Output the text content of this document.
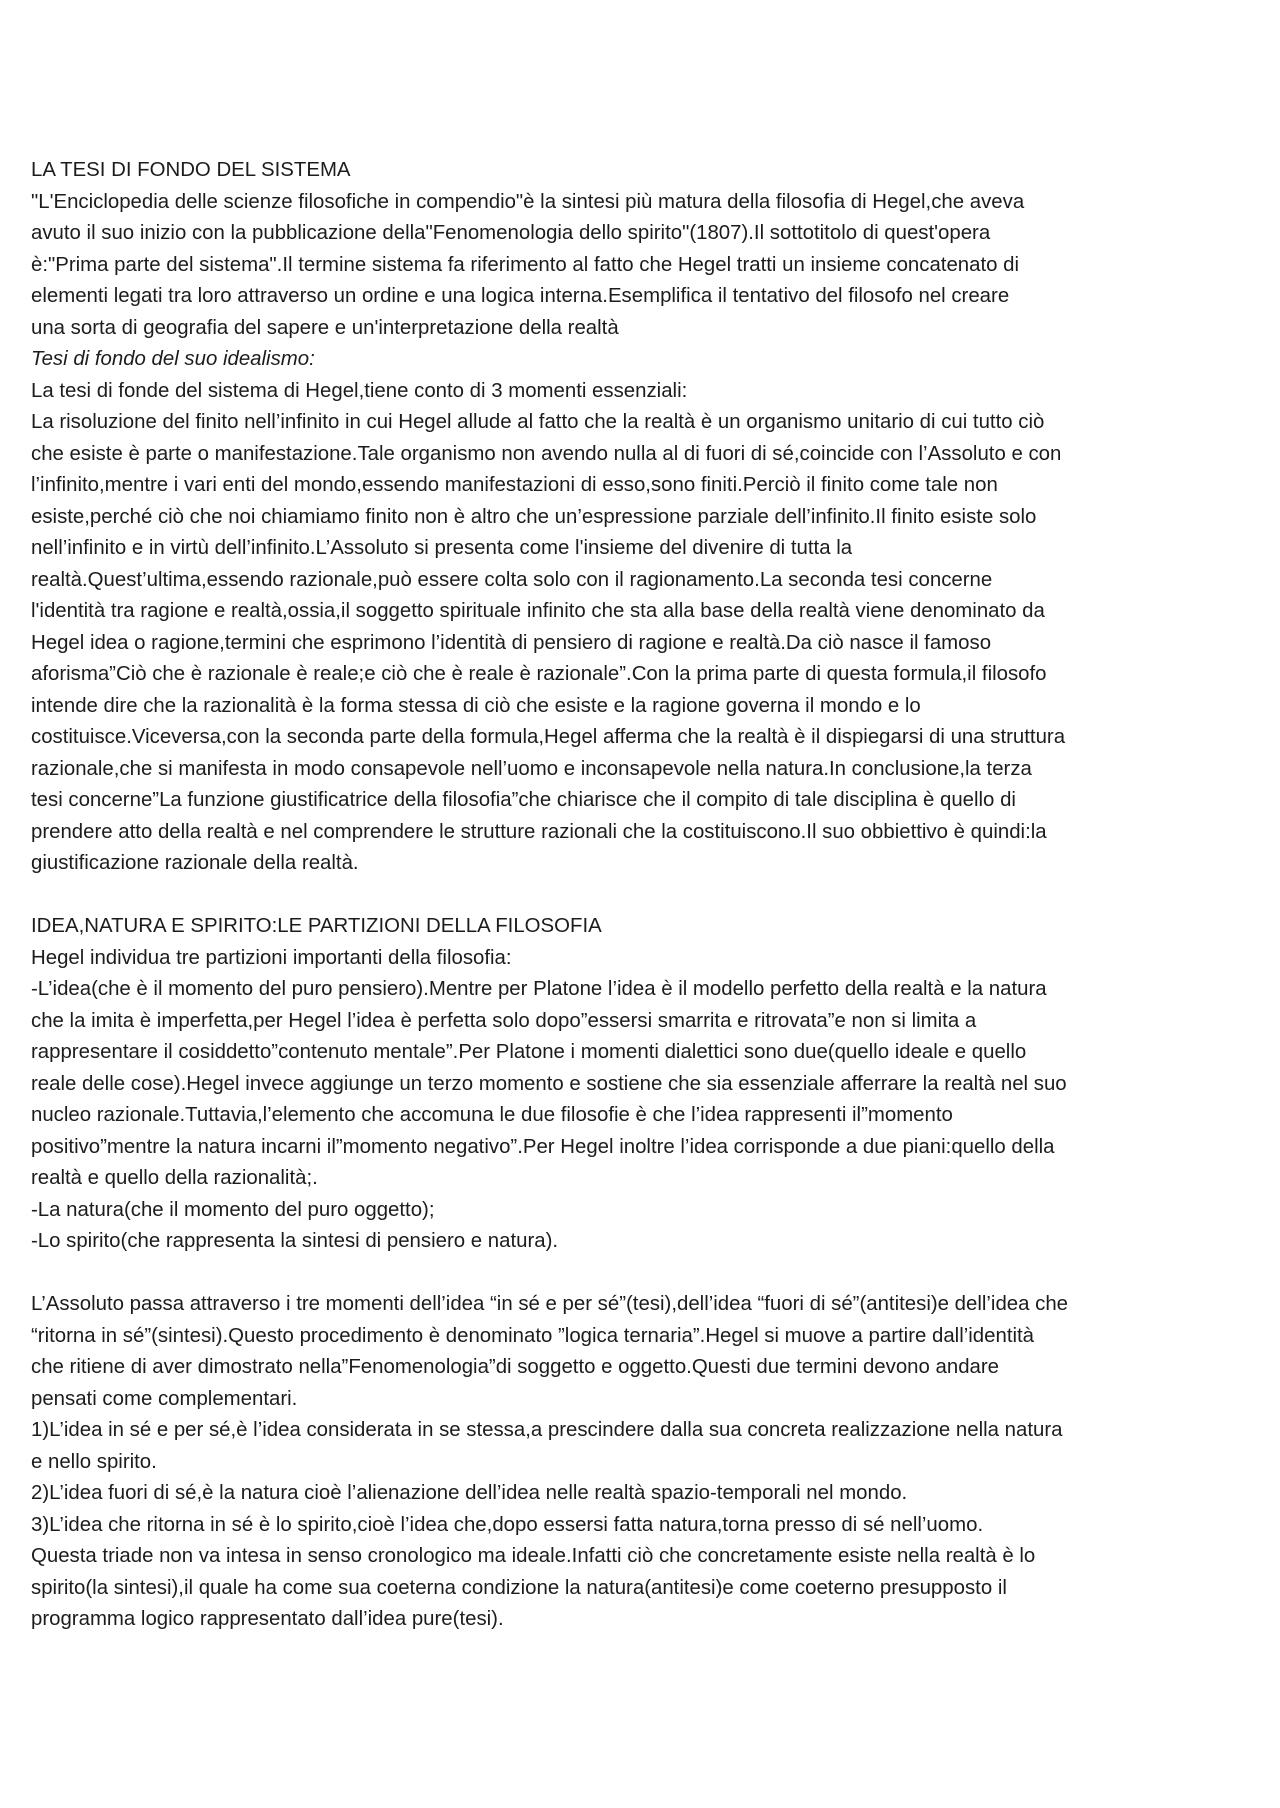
LA TESI DI FONDO DEL SISTEMA
"L'Enciclopedia delle scienze filosofiche in compendio"è la sintesi più matura della filosofia di Hegel,che aveva
avuto il suo inizio con la pubblicazione della"Fenomenologia dello spirito"(1807).Il sottotitolo di quest'opera
è:"Prima parte del sistema".Il termine sistema fa riferimento al fatto che Hegel tratti un insieme concatenato di
elementi legati tra loro attraverso un ordine e una logica interna.Esemplifica il tentativo del filosofo nel creare
una sorta di geografia del sapere e un'interpretazione della realtà
Tesi di fondo del suo idealismo:
La tesi di fonde del sistema di Hegel,tiene conto di 3 momenti essenziali:
La risoluzione del finito nell’infinito in cui Hegel allude al fatto che la realtà è un organismo unitario di cui tutto ciò
che esiste è parte o manifestazione.Tale organismo non avendo nulla al di fuori di sé,coincide con l’Assoluto e con
l’infinito,mentre i vari enti del mondo,essendo manifestazioni di esso,sono finiti.Perciò il finito come tale non
esiste,perché ciò che noi chiamiamo finito non è altro che un’espressione parziale dell’infinito.Il finito esiste solo
nell’infinito e in virtù dell’infinito.L’Assoluto si presenta come l'insieme del divenire di tutta la
realtà.Quest’ultima,essendo razionale,può essere colta solo con il ragionamento.La seconda tesi concerne
l'identità tra ragione e realtà,ossia,il soggetto spirituale infinito che sta alla base della realtà viene denominato da
Hegel idea o ragione,termini che esprimono l’identità di pensiero di ragione e realtà.Da ciò nasce il famoso
aforisma”Ciò che è razionale è reale;e ciò che è reale è razionale”.Con la prima parte di questa formula,il filosofo
intende dire che la razionalità è la forma stessa di ciò che esiste e la ragione governa il mondo e lo
costituisce.Viceversa,con la seconda parte della formula,Hegel afferma che la realtà è il dispiegarsi di una struttura
razionale,che si manifesta in modo consapevole nell’uomo e inconsapevole nella natura.In conclusione,la terza
tesi concerne”La funzione giustificatrice della filosofia”che chiarisce che il compito di tale disciplina è quello di
prendere atto della realtà e nel comprendere le strutture razionali che la costituiscono.Il suo obbiettivo è quindi:la
giustificazione razionale della realtà.
IDEA,NATURA E SPIRITO:LE PARTIZIONI DELLA FILOSOFIA
Hegel individua tre partizioni importanti della filosofia:
-L’idea(che è il momento del puro pensiero).Mentre per Platone l’idea è il modello perfetto della realtà e la natura
che la imita è imperfetta,per Hegel l’idea è perfetta solo dopo”essersi smarrita e ritrovata”e non si limita a
rappresentare il cosiddetto”contenuto mentale”.Per Platone i momenti dialettici sono due(quello ideale e quello
reale delle cose).Hegel invece aggiunge un terzo momento e sostiene che sia essenziale afferrare la realtà nel suo
nucleo razionale.Tuttavia,l’elemento che accomuna le due filosofie è che l’idea rappresenti il”momento
positivo”mentre la natura incarni il”momento negativo”.Per Hegel inoltre l’idea corrisponde a due piani:quello della
realtà e quello della razionalità;.
-La natura(che il momento del puro oggetto);
-Lo spirito(che rappresenta la sintesi di pensiero e natura).
L’Assoluto passa attraverso i tre momenti dell’idea “in sé e per sé”(tesi),dell’idea “fuori di sé”(antitesi)e dell’idea che
“ritorna in sé”(sintesi).Questo procedimento è denominato ”logica ternaria”.Hegel si muove a partire dall’identità
che ritiene di aver dimostrato nella”Fenomenologia”di soggetto e oggetto.Questi due termini devono andare
pensati come complementari.
1)L’idea in sé e per sé,è l’idea considerata in se stessa,a prescindere dalla sua concreta realizzazione nella natura
e nello spirito.
2)L’idea fuori di sé,è la natura cioè l’alienazione dell’idea nelle realtà spazio-temporali nel mondo.
3)L’idea che ritorna in sé è lo spirito,cioè l’idea che,dopo essersi fatta natura,torna presso di sé nell’uomo.
Questa triade non va intesa in senso cronologico ma ideale.Infatti ciò che concretamente esiste nella realtà è lo
spirito(la sintesi),il quale ha come sua coeterna condizione la natura(antitesi)e come coeterno presupposto il
programma logico rappresentato dall’idea pure(tesi).
